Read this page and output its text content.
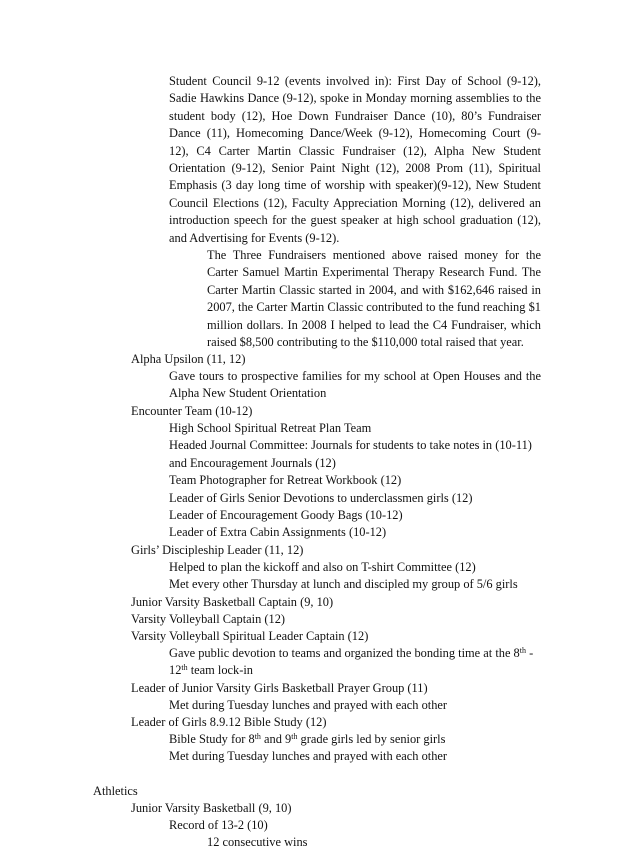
Student Council 9-12 (events involved in): First Day of School (9-12),
Sadie Hawkins Dance (9-12), spoke in Monday morning assemblies to the
student body (12), Hoe Down Fundraiser Dance (10), 80’s Fundraiser
Dance (11), Homecoming Dance/Week (9-12), Homecoming Court (9-
12), C4 Carter Martin Classic Fundraiser (12), Alpha New Student
Orientation (9-12), Senior Paint Night (12), 2008 Prom (11), Spiritual
Emphasis (3 day long time of worship with speaker)(9-12), New Student
Council Elections (12), Faculty Appreciation Morning (12), delivered an
introduction speech for the guest speaker at high school graduation (12),
and Advertising for Events (9-12).
The Three Fundraisers mentioned above raised money for the
Carter Samuel Martin Experimental Therapy Research Fund. The
Carter Martin Classic started in 2004, and with $162,646 raised in
2007, the Carter Martin Classic contributed to the fund reaching $1
million dollars. In 2008 I helped to lead the C4 Fundraiser, which
raised $8,500 contributing to the $110,000 total raised that year.
Alpha Upsilon (11, 12)
Gave tours to prospective families for my school at Open Houses and the
Alpha New Student Orientation
Encounter Team (10-12)
High School Spiritual Retreat Plan Team
Headed Journal Committee: Journals for students to take notes in (10-11)
and Encouragement Journals (12)
Team Photographer for Retreat Workbook (12)
Leader of Girls Senior Devotions to underclassmen girls (12)
Leader of Encouragement Goody Bags (10-12)
Leader of Extra Cabin Assignments (10-12)
Girls’ Discipleship Leader (11, 12)
Helped to plan the kickoff and also on T-shirt Committee (12)
Met every other Thursday at lunch and discipled my group of 5/6 girls
Junior Varsity Basketball Captain (9, 10)
Varsity Volleyball Captain (12)
Varsity Volleyball Spiritual Leader Captain (12)
Gave public devotion to teams and organized the bonding time at the 8th -
12th team lock-in
Leader of Junior Varsity Girls Basketball Prayer Group (11)
Met during Tuesday lunches and prayed with each other
Leader of Girls 8.9.12 Bible Study (12)
Bible Study for 8th and 9th grade girls led by senior girls
Met during Tuesday lunches and prayed with each other
Athletics
Junior Varsity Basketball (9, 10)
Record of 13-2 (10)
12 consecutive wins
